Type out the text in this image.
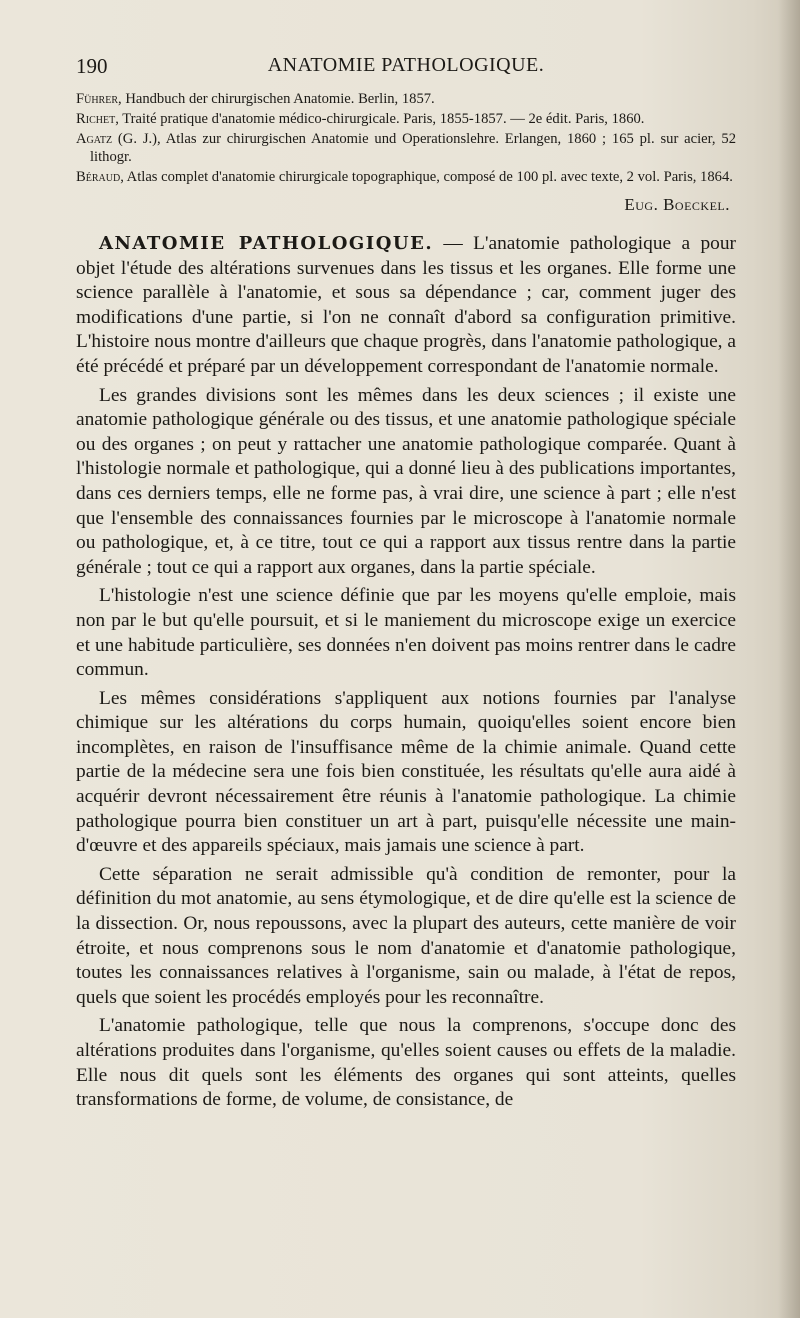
190	ANATOMIE PATHOLOGIQUE.

Führer, Handbuch der chirurgischen Anatomie. Berlin, 1857.

Richet, Traité pratique d'anatomie médico-chirurgicale. Paris, 1855-1857. — 2e édit. Paris, 1860.

Agatz (G. J.), Atlas zur chirurgischen Anatomie und Operationslehre. Erlangen, 1860 ; 165 pl. sur acier, 52 lithogr.

Béraud, Atlas complet d'anatomie chirurgicale topographique, composé de 100 pl. avec texte, 2 vol. Paris, 1864.

Eug. Boeckel.

ANATOMIE PATHOLOGIQUE. — L'anatomie pathologique a pour objet l'étude des altérations survenues dans les tissus et les organes. Elle forme une science parallèle à l'anatomie, et sous sa dépendance ; car, comment juger des modifications d'une partie, si l'on ne connaît d'abord sa configuration primitive. L'histoire nous montre d'ailleurs que chaque progrès, dans l'anatomie pathologique, a été précédé et préparé par un développement correspondant de l'anatomie normale.

Les grandes divisions sont les mêmes dans les deux sciences ; il existe une anatomie pathologique générale ou des tissus, et une anatomie pathologique spéciale ou des organes ; on peut y rattacher une anatomie pathologique comparée. Quant à l'histologie normale et pathologique, qui a donné lieu à des publications importantes, dans ces derniers temps, elle ne forme pas, à vrai dire, une science à part ; elle n'est que l'ensemble des connaissances fournies par le microscope à l'anatomie normale ou pathologique, et, à ce titre, tout ce qui a rapport aux tissus rentre dans la partie générale ; tout ce qui a rapport aux organes, dans la partie spéciale.

L'histologie n'est une science définie que par les moyens qu'elle emploie, mais non par le but qu'elle poursuit, et si le maniement du microscope exige un exercice et une habitude particulière, ses données n'en doivent pas moins rentrer dans le cadre commun.

Les mêmes considérations s'appliquent aux notions fournies par l'analyse chimique sur les altérations du corps humain, quoiqu'elles soient encore bien incomplètes, en raison de l'insuffisance même de la chimie animale. Quand cette partie de la médecine sera une fois bien constituée, les résultats qu'elle aura aidé à acquérir devront nécessairement être réunis à l'anatomie pathologique. La chimie pathologique pourra bien constituer un art à part, puisqu'elle nécessite une main-d'œuvre et des appareils spéciaux, mais jamais une science à part.

Cette séparation ne serait admissible qu'à condition de remonter, pour la définition du mot anatomie, au sens étymologique, et de dire qu'elle est la science de la dissection. Or, nous repoussons, avec la plupart des auteurs, cette manière de voir étroite, et nous comprenons sous le nom d'anatomie et d'anatomie pathologique, toutes les connaissances relatives à l'organisme, sain ou malade, à l'état de repos, quels que soient les procédés employés pour les reconnaître.

L'anatomie pathologique, telle que nous la comprenons, s'occupe donc des altérations produites dans l'organisme, qu'elles soient causes ou effets de la maladie. Elle nous dit quels sont les éléments des organes qui sont atteints, quelles transformations de forme, de volume, de consistance, de
